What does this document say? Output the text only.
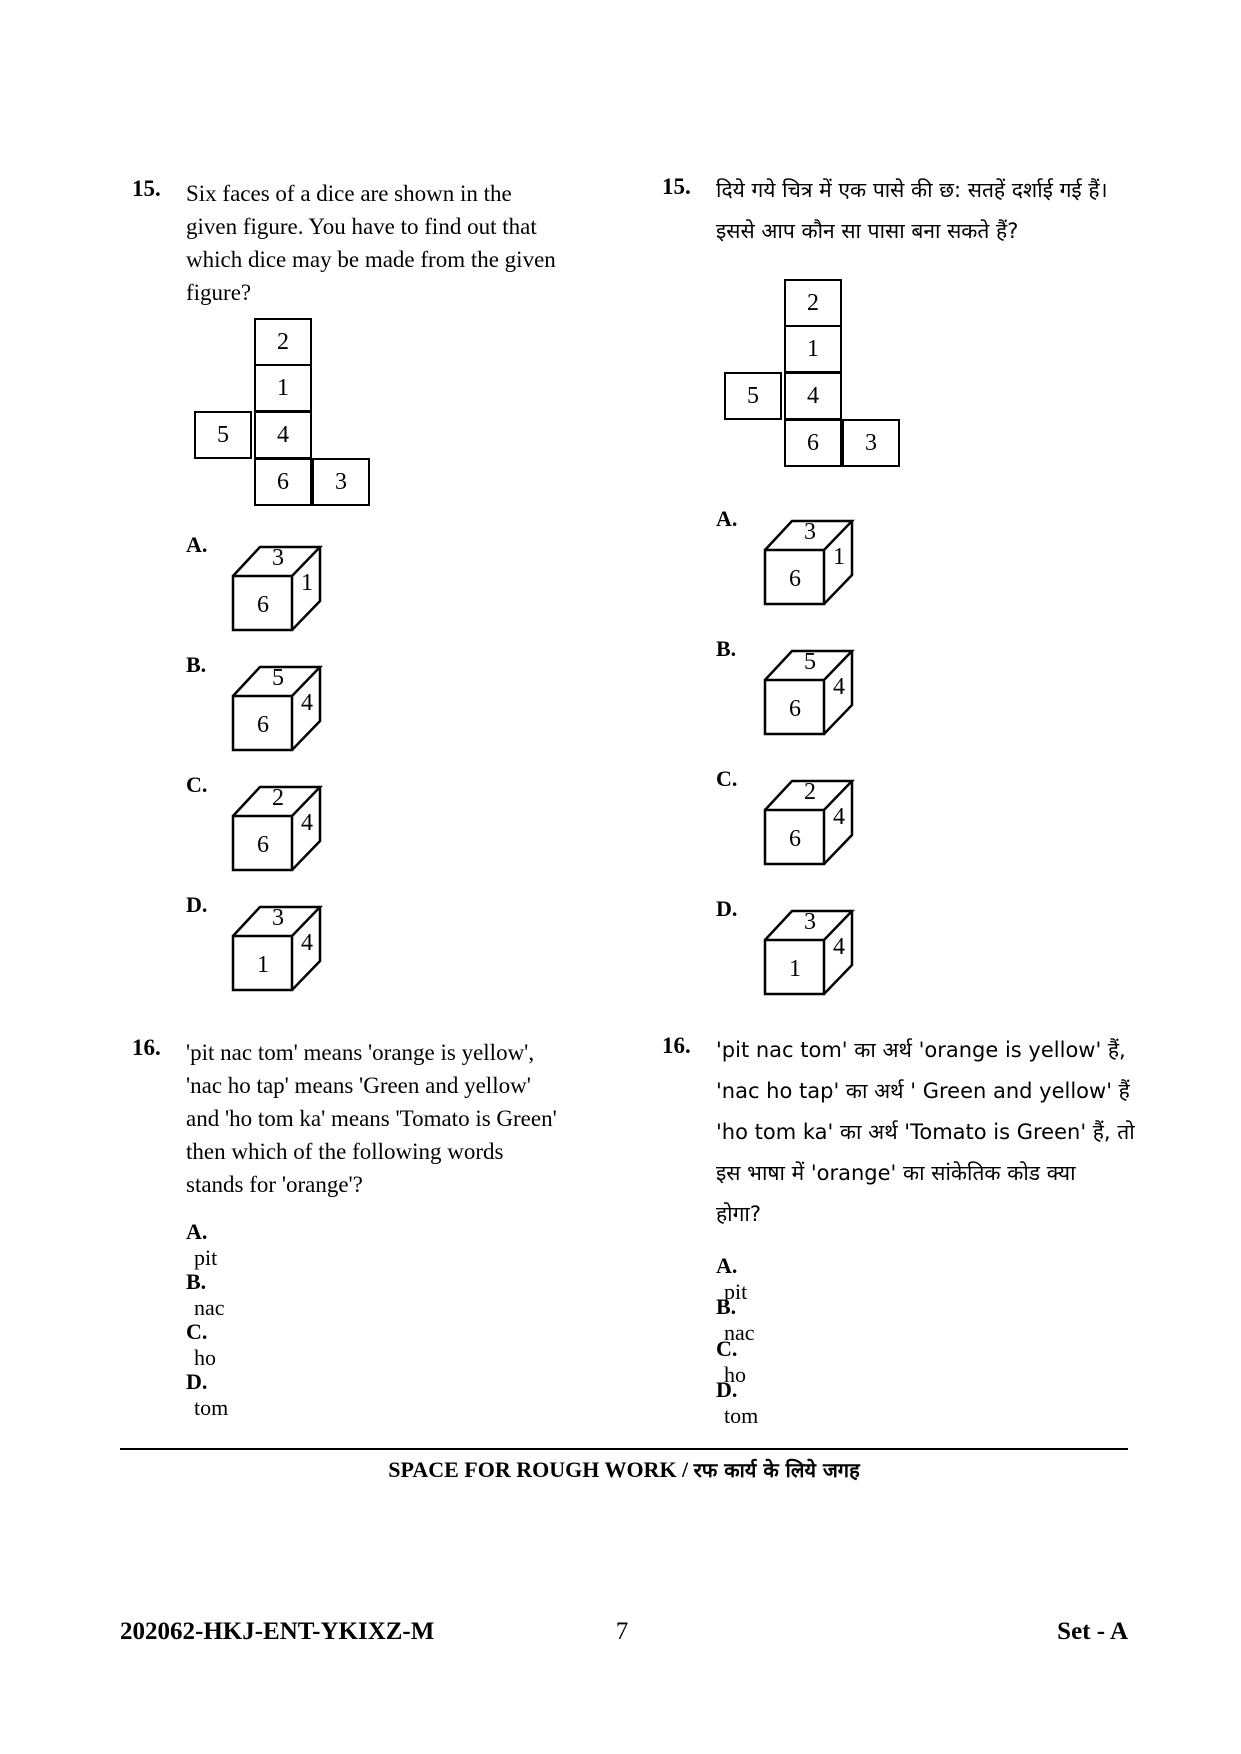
15. Six faces of a dice are shown in the
given figure. You have to find out that
which dice may be made from the given
figure?
2
1
5	4
6	3
A.
3
6
1
B.
5
6
4
C.
2
6
4
D.
3
1
4
16. 'pit nac tom' means 'orange is yellow',
'nac ho tap' means 'Green and yellow'
and 'ho tom ka' means 'Tomato is Green'
then which of the following words
stands for 'orange'?
A. pit
B. nac
C. ho
D. tom
15. दिये गये चित्र में एक पासे की छ: सतहें दर्शाई गई हैं।
इससे आप कौन सा पासा बना सकते हैं?
2
1
5	4
6	3
A.
3
6
1
B.
5
6
4
C.
2
6
4
D.
3
1
4
16. 'pit nac tom' का अर्थ 'orange is yellow' हैं,
'nac ho tap' का अर्थ ' Green and yellow' हैं
'ho tom ka' का अर्थ 'Tomato is Green' हैं, तो
इस भाषा में 'orange' का सांकेतिक कोड क्या
होगा?
A. pit
B. nac
C. ho
D. tom
SPACE FOR ROUGH WORK / रफ कार्य के लिये जगह
202062-HKJ-ENT-YKIXZ-M	7	Set - A
